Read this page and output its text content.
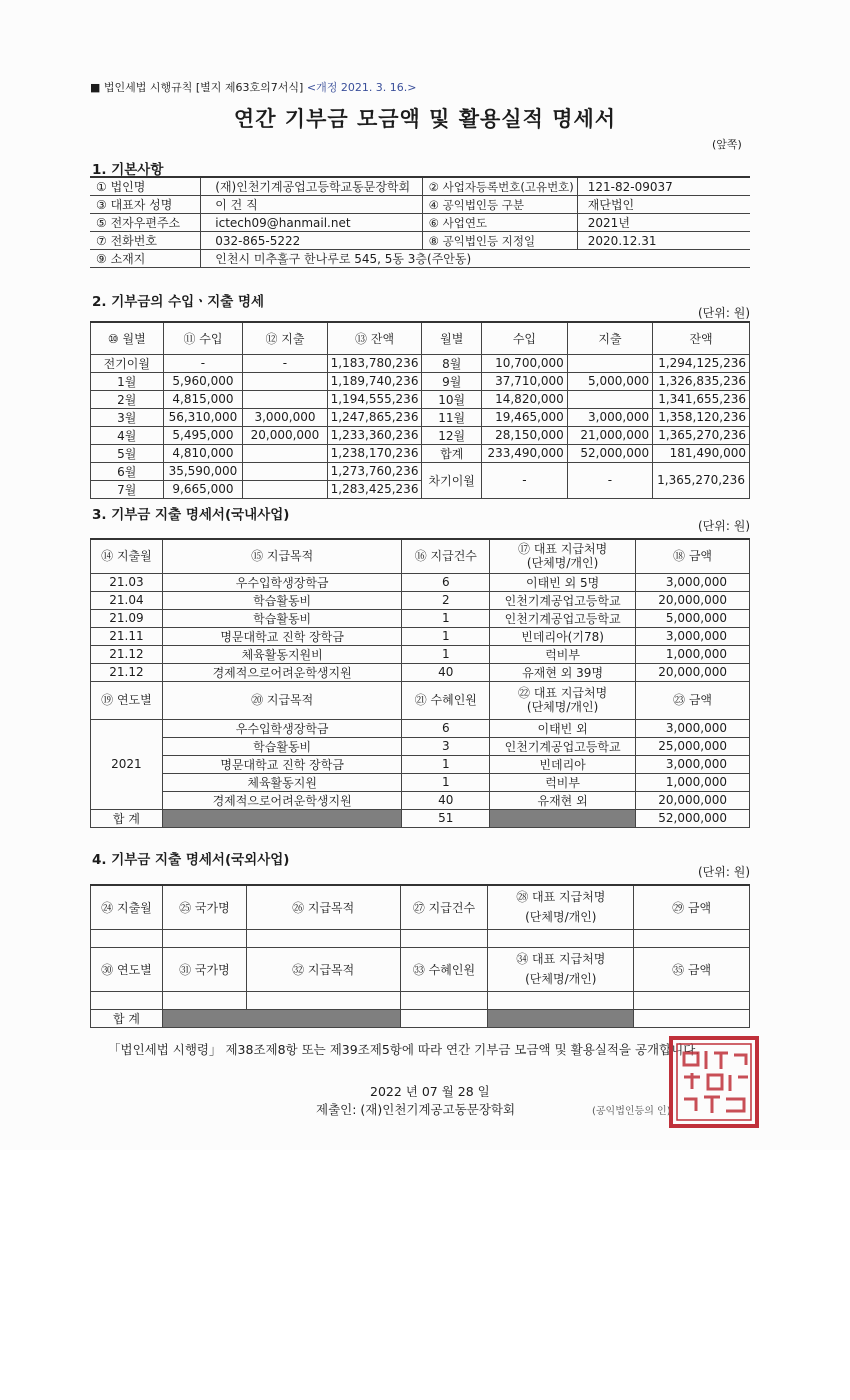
■ 법인세법 시행규칙 [별지 제63호의7서식] <개정 2021. 3. 16.>
연간 기부금 모금액 및 활용실적 명세서
(앞쪽)
1. 기본사항
① 법인명	(재)인천기계공업고등학교동문장학회	② 사업자등록번호(고유번호)	121-82-09037
③ 대표자 성명	이 건 직	④ 공익법인등 구분	재단법인
⑤ 전자우편주소	ictech09@hanmail.net	⑥ 사업연도	2021년
⑦ 전화번호	032-865-5222	⑧ 공익법인등 지정일	2020.12.31
⑨ 소재지	인천시 미추홀구 한나루로 545, 5동 3층(주안동)		
2. 기부금의 수입ㆍ지출 명세
(단위: 원)
⑩ 월별	⑪ 수입	⑫ 지출	⑬ 잔액	월별	수입	지출	잔액
전기이월	-	-	1,183,780,236	8월	10,700,000		1,294,125,236
1월	5,960,000		1,189,740,236	9월	37,710,000	5,000,000	1,326,835,236
2월	4,815,000		1,194,555,236	10월	14,820,000		1,341,655,236
3월	56,310,000	3,000,000	1,247,865,236	11월	19,465,000	3,000,000	1,358,120,236
4월	5,495,000	20,000,000	1,233,360,236	12월	28,150,000	21,000,000	1,365,270,236
5월	4,810,000		1,238,170,236	합계	233,490,000	52,000,000	181,490,000
6월	35,590,000		1,273,760,236	차기이월	-	-	1,365,270,236
7월	9,665,000		1,283,425,236				
3. 기부금 지출 명세서(국내사업)
(단위: 원)
⑭ 지출월	⑮ 지급목적	⑯ 지급건수	⑰ 대표 지급처명
(단체명/개인)	⑱ 금액
21.03	우수입학생장학금	6	이태빈 외 5명	3,000,000
21.04	학습활동비	2	인천기계공업고등학교	20,000,000
21.09	학습활동비	1	인천기계공업고등학교	5,000,000
21.11	명문대학교 진학 장학금	1	빈데리아(기78)	3,000,000
21.12	체육활동지원비	1	럭비부	1,000,000
21.12	경제적으로어려운학생지원	40	유재현 외 39명	20,000,000
⑲ 연도별	⑳ 지급목적	㉑ 수혜인원	㉒ 대표 지급처명
(단체명/개인)	㉓ 금액
2021	우수입학생장학금	6	이태빈 외	3,000,000
	학습활동비	3	인천기계공업고등학교	25,000,000
	명문대학교 진학 장학금	1	빈데리아	3,000,000
	체육활동지원	1	럭비부	1,000,000
	경제적으로어려운학생지원	40	유재현 외	20,000,000
합 계		51		52,000,000
4. 기부금 지출 명세서(국외사업)
(단위: 원)
㉔ 지출월	㉕ 국가명	㉖ 지급목적	㉗ 지급건수	㉘ 대표 지급처명
(단체명/개인)	㉙ 금액

㉚ 연도별	㉛ 국가명	㉜ 지급목적	㉝ 수혜인원	㉞ 대표 지급처명
(단체명/개인)	㉟ 금액

합 계					
「법인세법 시행령」 제38조제8항 또는 제39조제5항에 따라 연간 기부금 모금액 및 활용실적을 공개합니다.
2022 년 07 월 28 일
제출인: (재)인천기계공고동문장학회	(공익법인등의 인)
